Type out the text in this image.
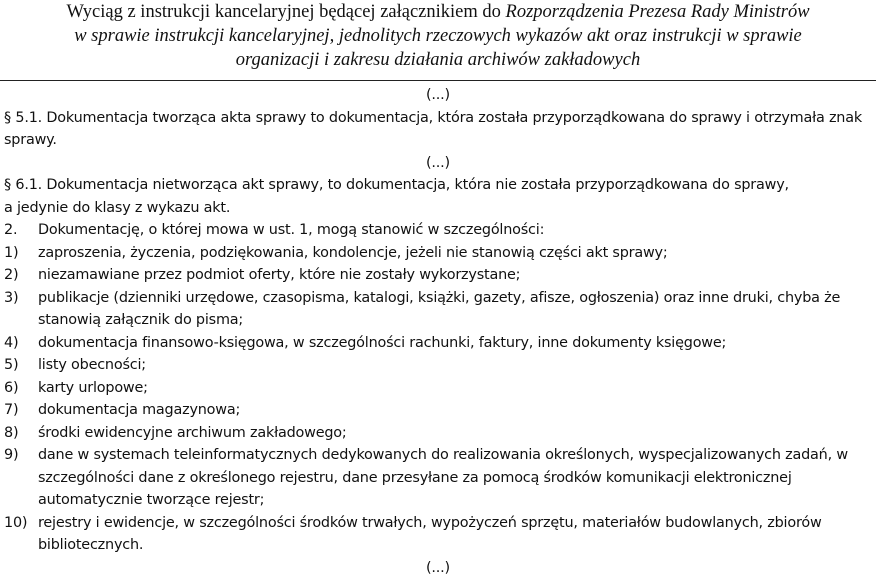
Wyciąg z instrukcji kancelaryjnej będącej załącznikiem do Rozporządzenia Prezesa Rady Ministrów
w sprawie instrukcji kancelaryjnej, jednolitych rzeczowych wykazów akt oraz instrukcji w sprawie
organizacji i zakresu działania archiwów zakładowych
(...)
§ 5.1. Dokumentacja tworząca akta sprawy to dokumentacja, która została przyporządkowana do sprawy i otrzymała znak sprawy.
(...)
§ 6.1. Dokumentacja nietworząca akt sprawy, to dokumentacja, która nie została przyporządkowana do sprawy,
a jedynie do klasy z wykazu akt.
2.	Dokumentację, o której mowa w ust. 1, mogą stanowić w szczególności:
1)	zaproszenia, życzenia, podziękowania, kondolencje, jeżeli nie stanowią części akt sprawy;
2)	niezamawiane przez podmiot oferty, które nie zostały wykorzystane;
3)	publikacje (dzienniki urzędowe, czasopisma, katalogi, książki, gazety, afisze, ogłoszenia) oraz inne druki, chyba że stanowią załącznik do pisma;
4)	dokumentacja finansowo-księgowa, w szczególności rachunki, faktury, inne dokumenty księgowe;
5)	listy obecności;
6)	karty urlopowe;
7)	dokumentacja magazynowa;
8)	środki ewidencyjne archiwum zakładowego;
9)	dane w systemach teleinformatycznych dedykowanych do realizowania określonych, wyspecjalizowanych zadań, w szczególności dane z określonego rejestru, dane przesyłane za pomocą środków komunikacji elektronicznej automatycznie tworzące rejestr;
10) rejestry i ewidencje, w szczególności środków trwałych, wypożyczeń sprzętu, materiałów budowlanych, zbiorów bibliotecznych.
(...)
